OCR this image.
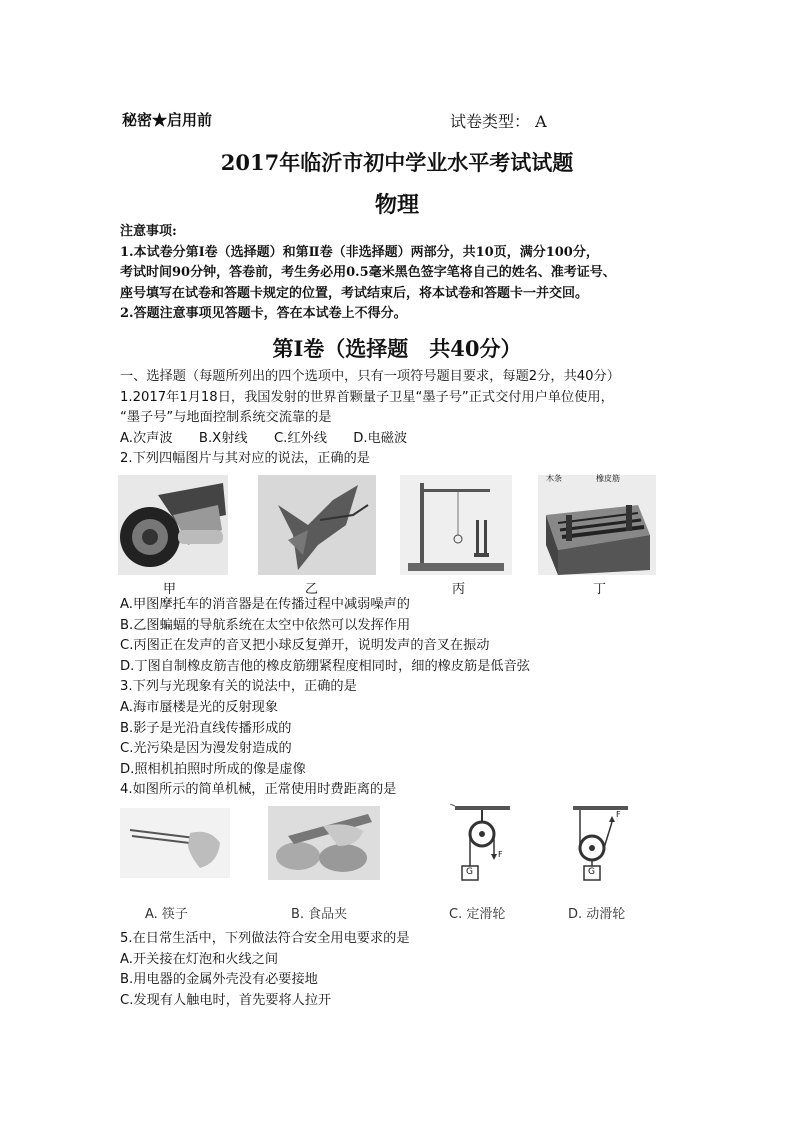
秘密★启用前	试卷类型： A
2017年临沂市初中学业水平考试试题
物理
注意事项:
1.本试卷分第Ⅰ卷（选择题）和第Ⅱ卷（非选择题）两部分，共10页，满分100分，
考试时间90分钟，答卷前，考生务必用0.5毫米黑色签字笔将自己的姓名、准考证号、
座号填写在试卷和答题卡规定的位置，考试结束后，将本试卷和答题卡一并交回。
2.答题注意事项见答题卡，答在本试卷上不得分。
第Ⅰ卷（选择题　共40分）
一、选择题（每题所列出的四个选项中，只有一项符号题目要求，每题2分，共40分）
1.2017年1月18日，我国发射的世界首颗量子卫星“墨子号”正式交付用户单位使用，
“墨子号”与地面控制系统交流靠的是
A.次声波　　B.X射线　　C.红外线　　D.电磁波
2.下列四幅图片与其对应的说法，正确的是
木条	橡皮筋
甲	乙	丙	丁
A.甲图摩托车的消音器是在传播过程中减弱噪声的
B.乙图蝙蝠的导航系统在太空中依然可以发挥作用
C.丙图正在发声的音叉把小球反复弹开，说明发声的音叉在振动
D.丁图自制橡皮筋吉他的橡皮筋绷紧程度相同时，细的橡皮筋是低音弦
3.下列与光现象有关的说法中，正确的是
A.海市蜃楼是光的反射现象
B.影子是光沿直线传播形成的
C.光污染是因为漫发射造成的
D.照相机拍照时所成的像是虚像
4.如图所示的简单机械，正常使用时费距离的是
F
G
F
G
A. 筷子	B. 食品夹	C. 定滑轮	D. 动滑轮
5.在日常生活中，下列做法符合安全用电要求的是
A.开关接在灯泡和火线之间
B.用电器的金属外壳没有必要接地
C.发现有人触电时，首先要将人拉开
